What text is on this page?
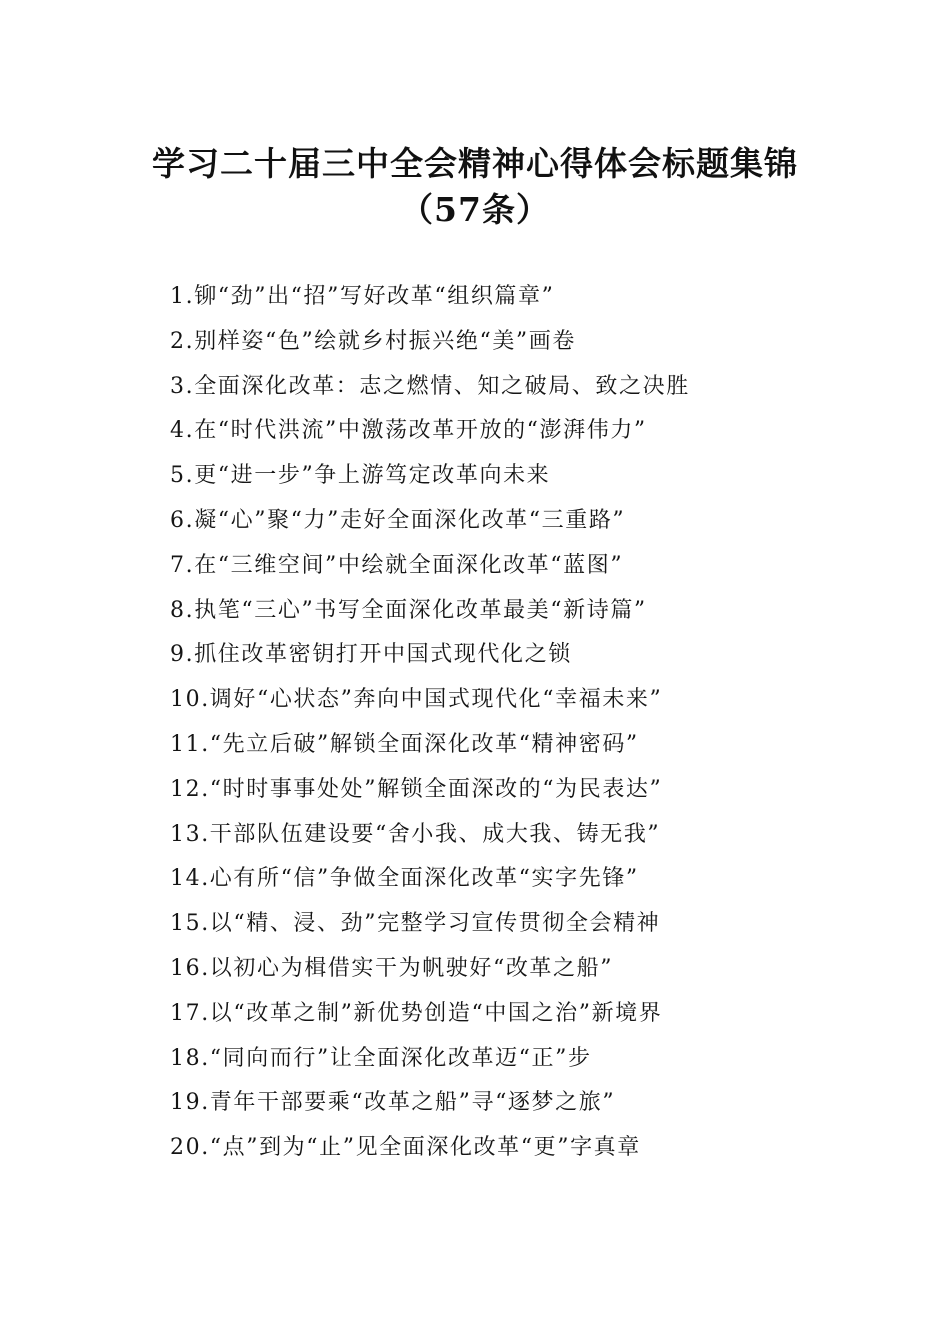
学习二十届三中全会精神心得体会标题集锦
（57条）
1.铆“劲”出“招”写好改革“组织篇章”
2.别样姿“色”绘就乡村振兴绝“美”画卷
3.全面深化改革：志之燃情、知之破局、致之决胜
4.在“时代洪流”中激荡改革开放的“澎湃伟力”
5.更“进一步”争上游笃定改革向未来
6.凝“心”聚“力”走好全面深化改革“三重路”
7.在“三维空间”中绘就全面深化改革“蓝图”
8.执笔“三心”书写全面深化改革最美“新诗篇”
9.抓住改革密钥打开中国式现代化之锁
10.调好“心状态”奔向中国式现代化“幸福未来”
11.“先立后破”解锁全面深化改革“精神密码”
12.“时时事事处处”解锁全面深改的“为民表达”
13.干部队伍建设要“舍小我、成大我、铸无我”
14.心有所“信”争做全面深化改革“实字先锋”
15.以“精、浸、劲”完整学习宣传贯彻全会精神
16.以初心为楫借实干为帆驶好“改革之船”
17.以“改革之制”新优势创造“中国之治”新境界
18.“同向而行”让全面深化改革迈“正”步
19.青年干部要乘“改革之船”寻“逐梦之旅”
20.“点”到为“止”见全面深化改革“更”字真章
